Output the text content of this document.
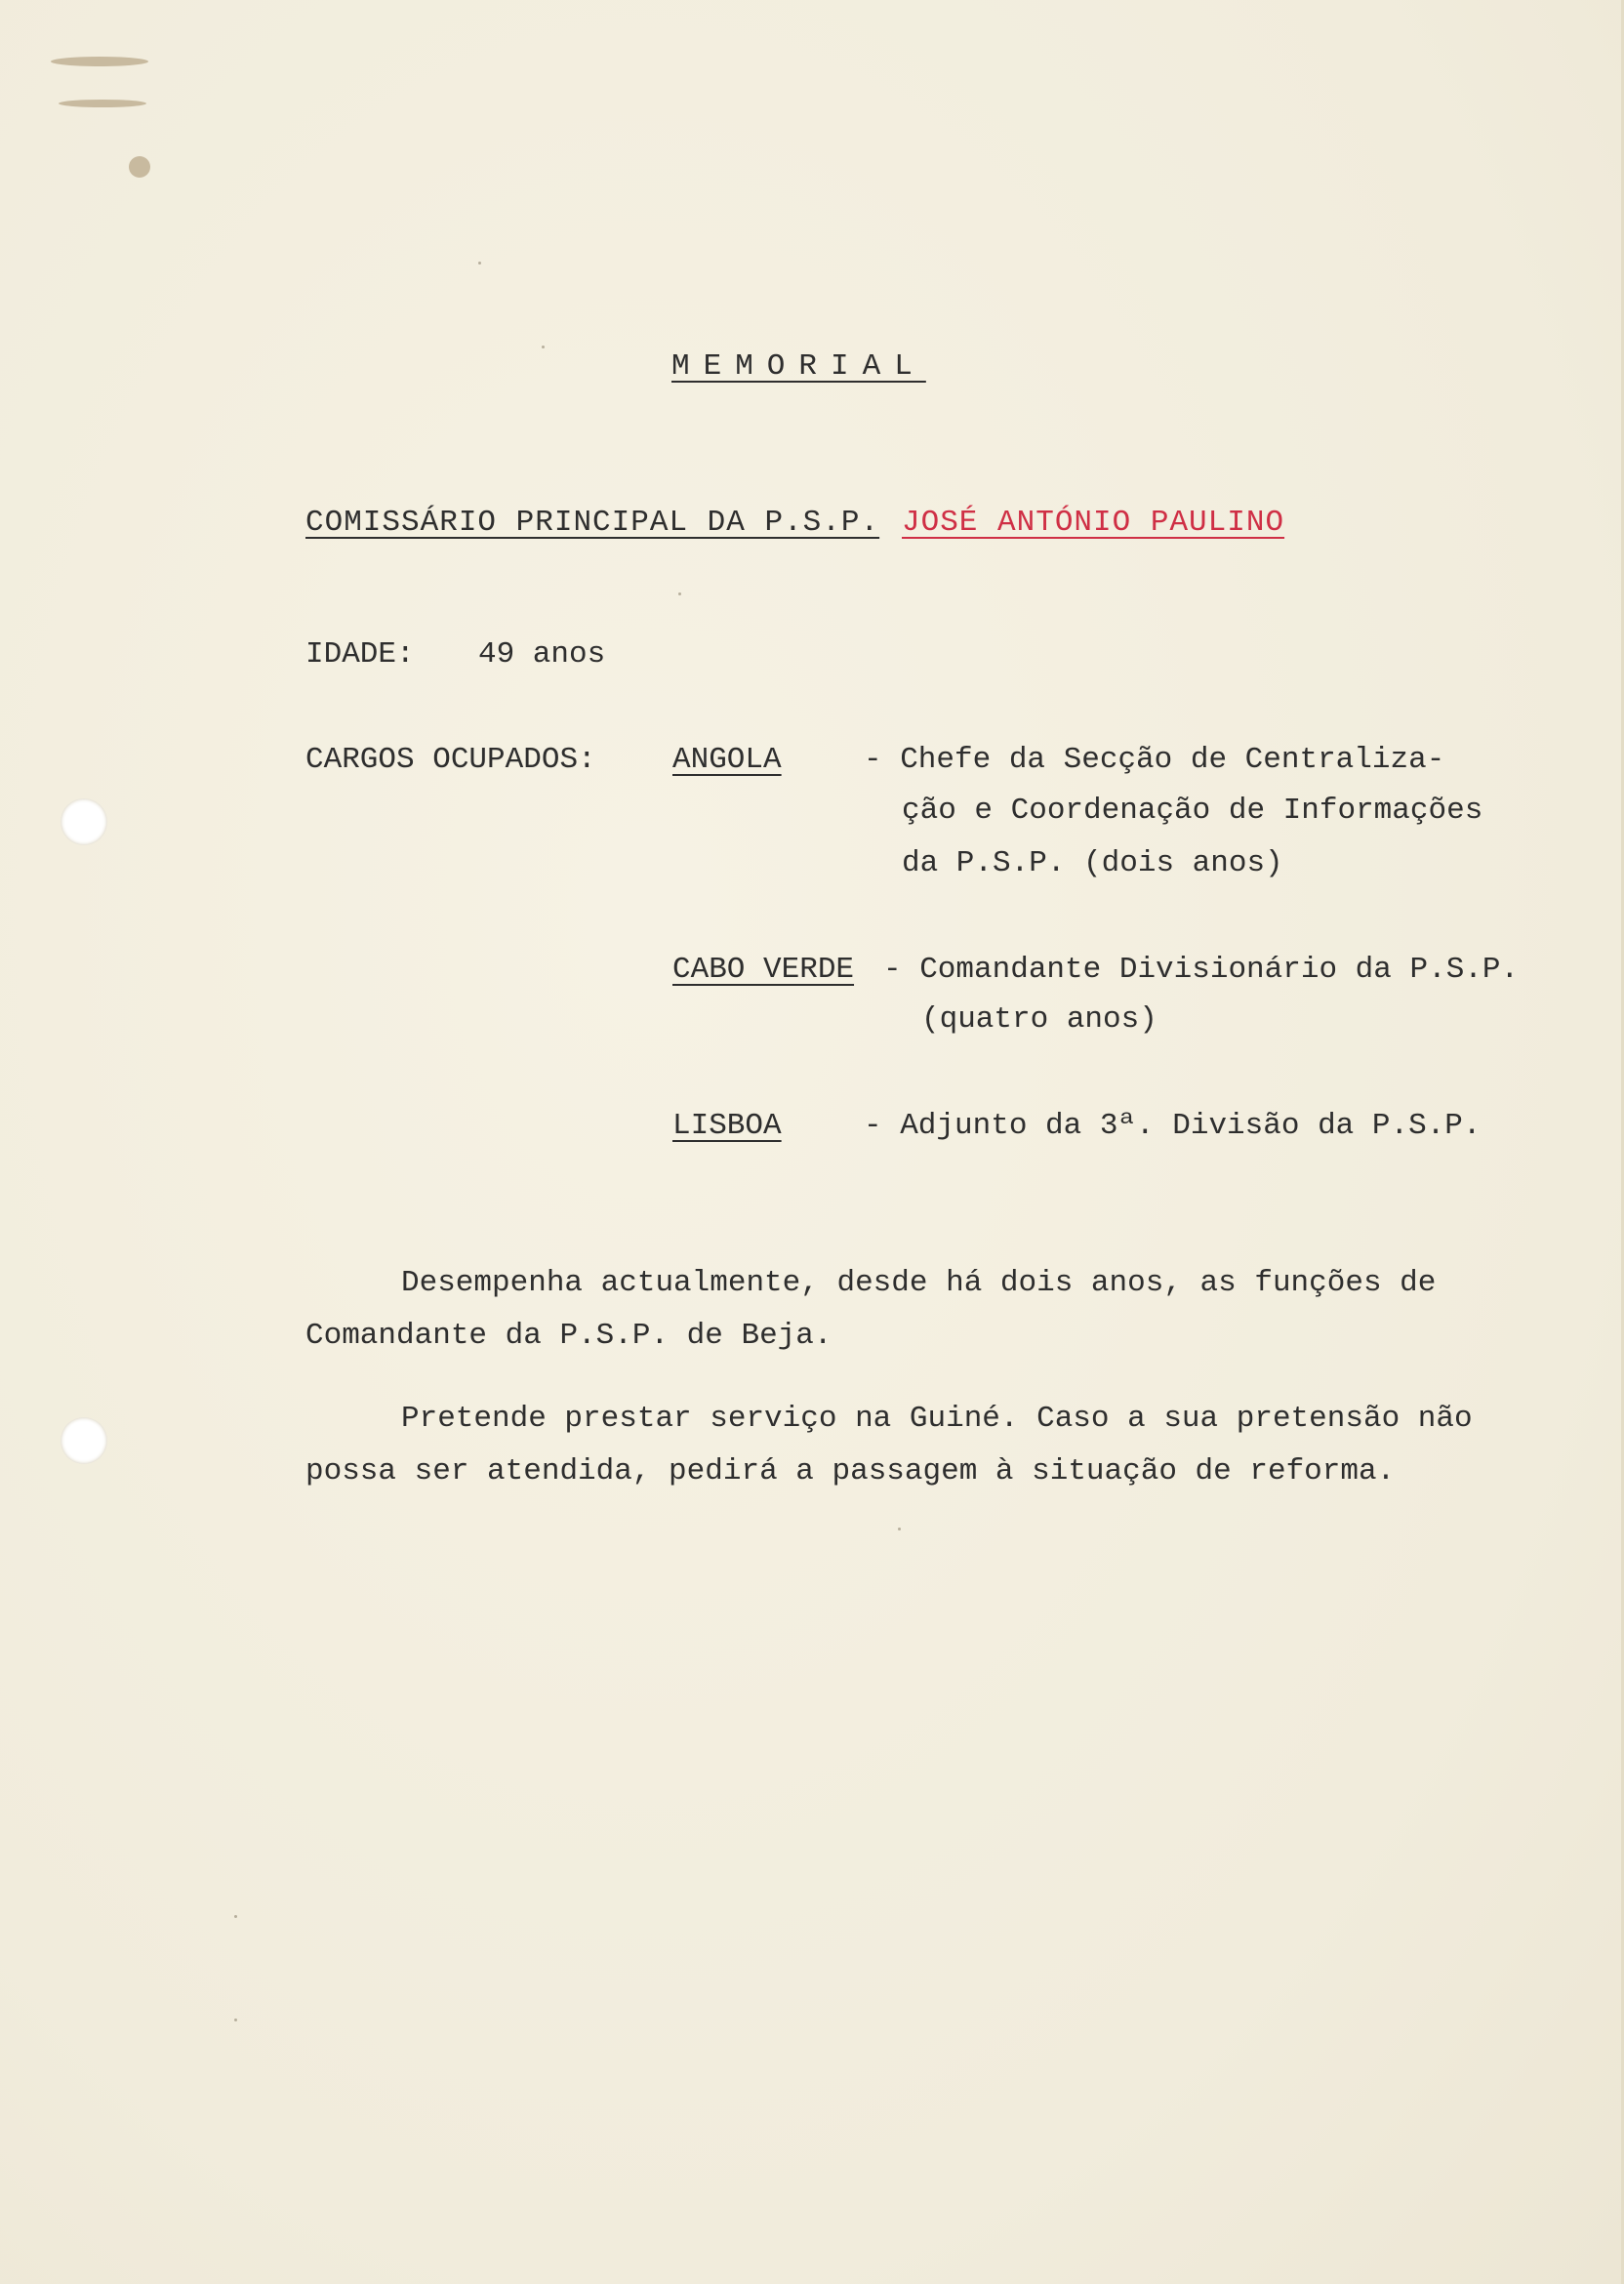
MEMORIAL
COMISSÁRIO PRINCIPAL DA P.S.P. JOSÉ ANTÓNIO PAULINO
IDADE: 49 anos
CARGOS OCUPADOS:	ANGOLA	- Chefe da Secção de Centraliza-
ção e Coordenação de Informações
da P.S.P. (dois anos)
CABO VERDE - Comandante Divisionário da P.S.P.
(quatro anos)
LISBOA	- Adjunto da 3ª. Divisão da P.S.P.
Desempenha actualmente, desde há dois anos, as funções de
Comandante da P.S.P. de Beja.
Pretende prestar serviço na Guiné. Caso a sua pretensão não
possa ser atendida, pedirá a passagem à situação de reforma.
